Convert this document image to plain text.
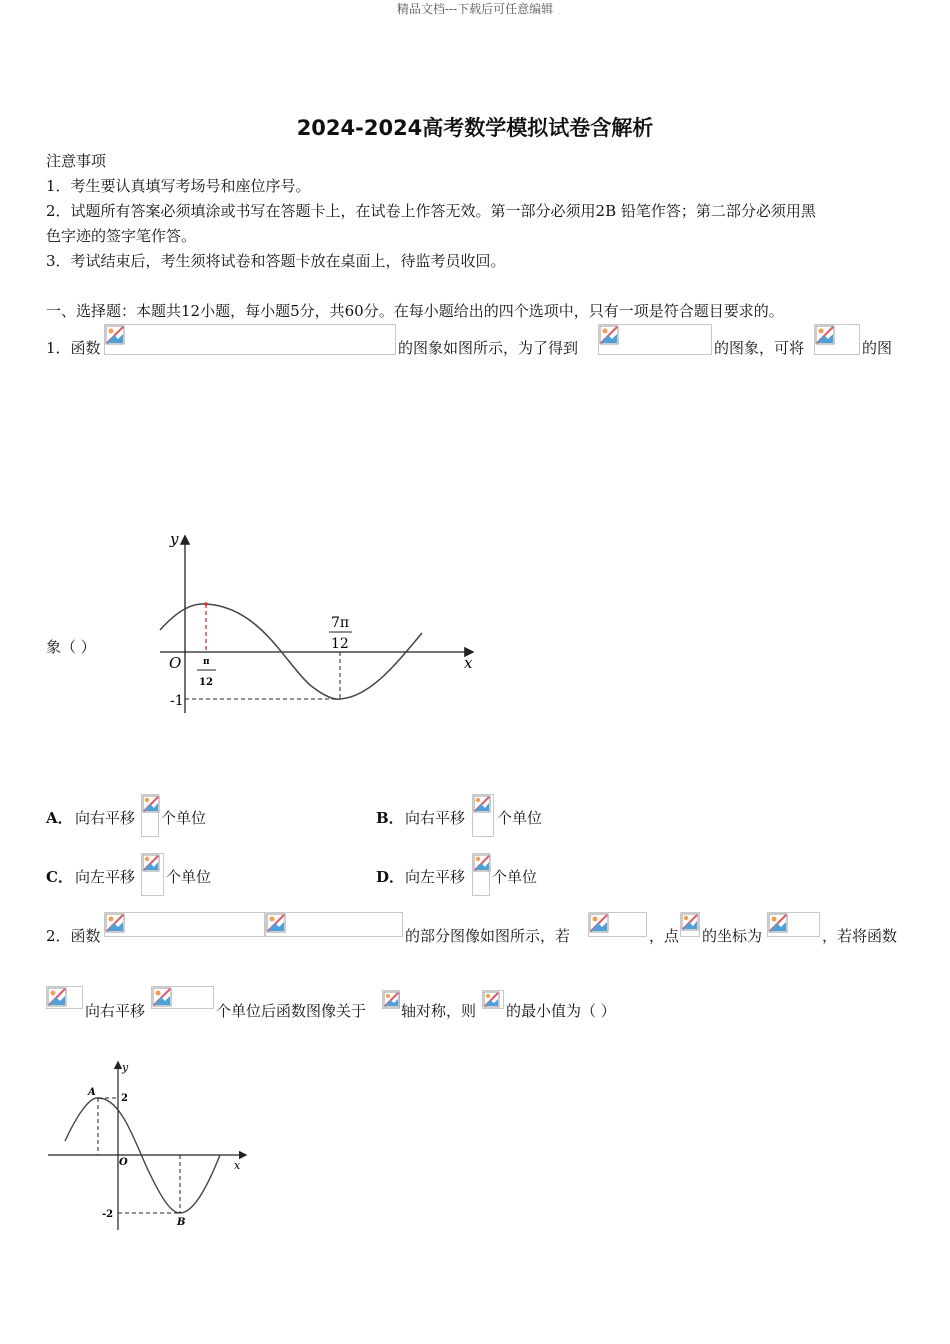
精品文档---下载后可任意编辑
2024-2024高考数学模拟试卷含解析
注意事项
1．考生要认真填写考场号和座位序号。
2．试题所有答案必须填涂或书写在答题卡上，在试卷上作答无效。第一部分必须用2B 铅笔作答；第二部分必须用黑
色字迹的签字笔作答。
3．考试结束后，考生须将试卷和答题卡放在桌面上，待监考员收回。
一、选择题：本题共12小题，每小题5分，共60分。在每小题给出的四个选项中，只有一项是符合题目要求的。
1．函数	的图象如图所示，为了得到	的图象，可将	的图
象（ ）
y
x
O π
12
7π
12
-1
A． 向右平移 个单位	B． 向右平移 个单位
C． 向左平移 个单位	D． 向左平移 个单位
2．函数	的部分图像如图所示，若	，点 的坐标为	，若将函数
向右平移	个单位后函数图像关于 轴对称，则 的最小值为（ ）
y
x
O
A
B
2
-2
